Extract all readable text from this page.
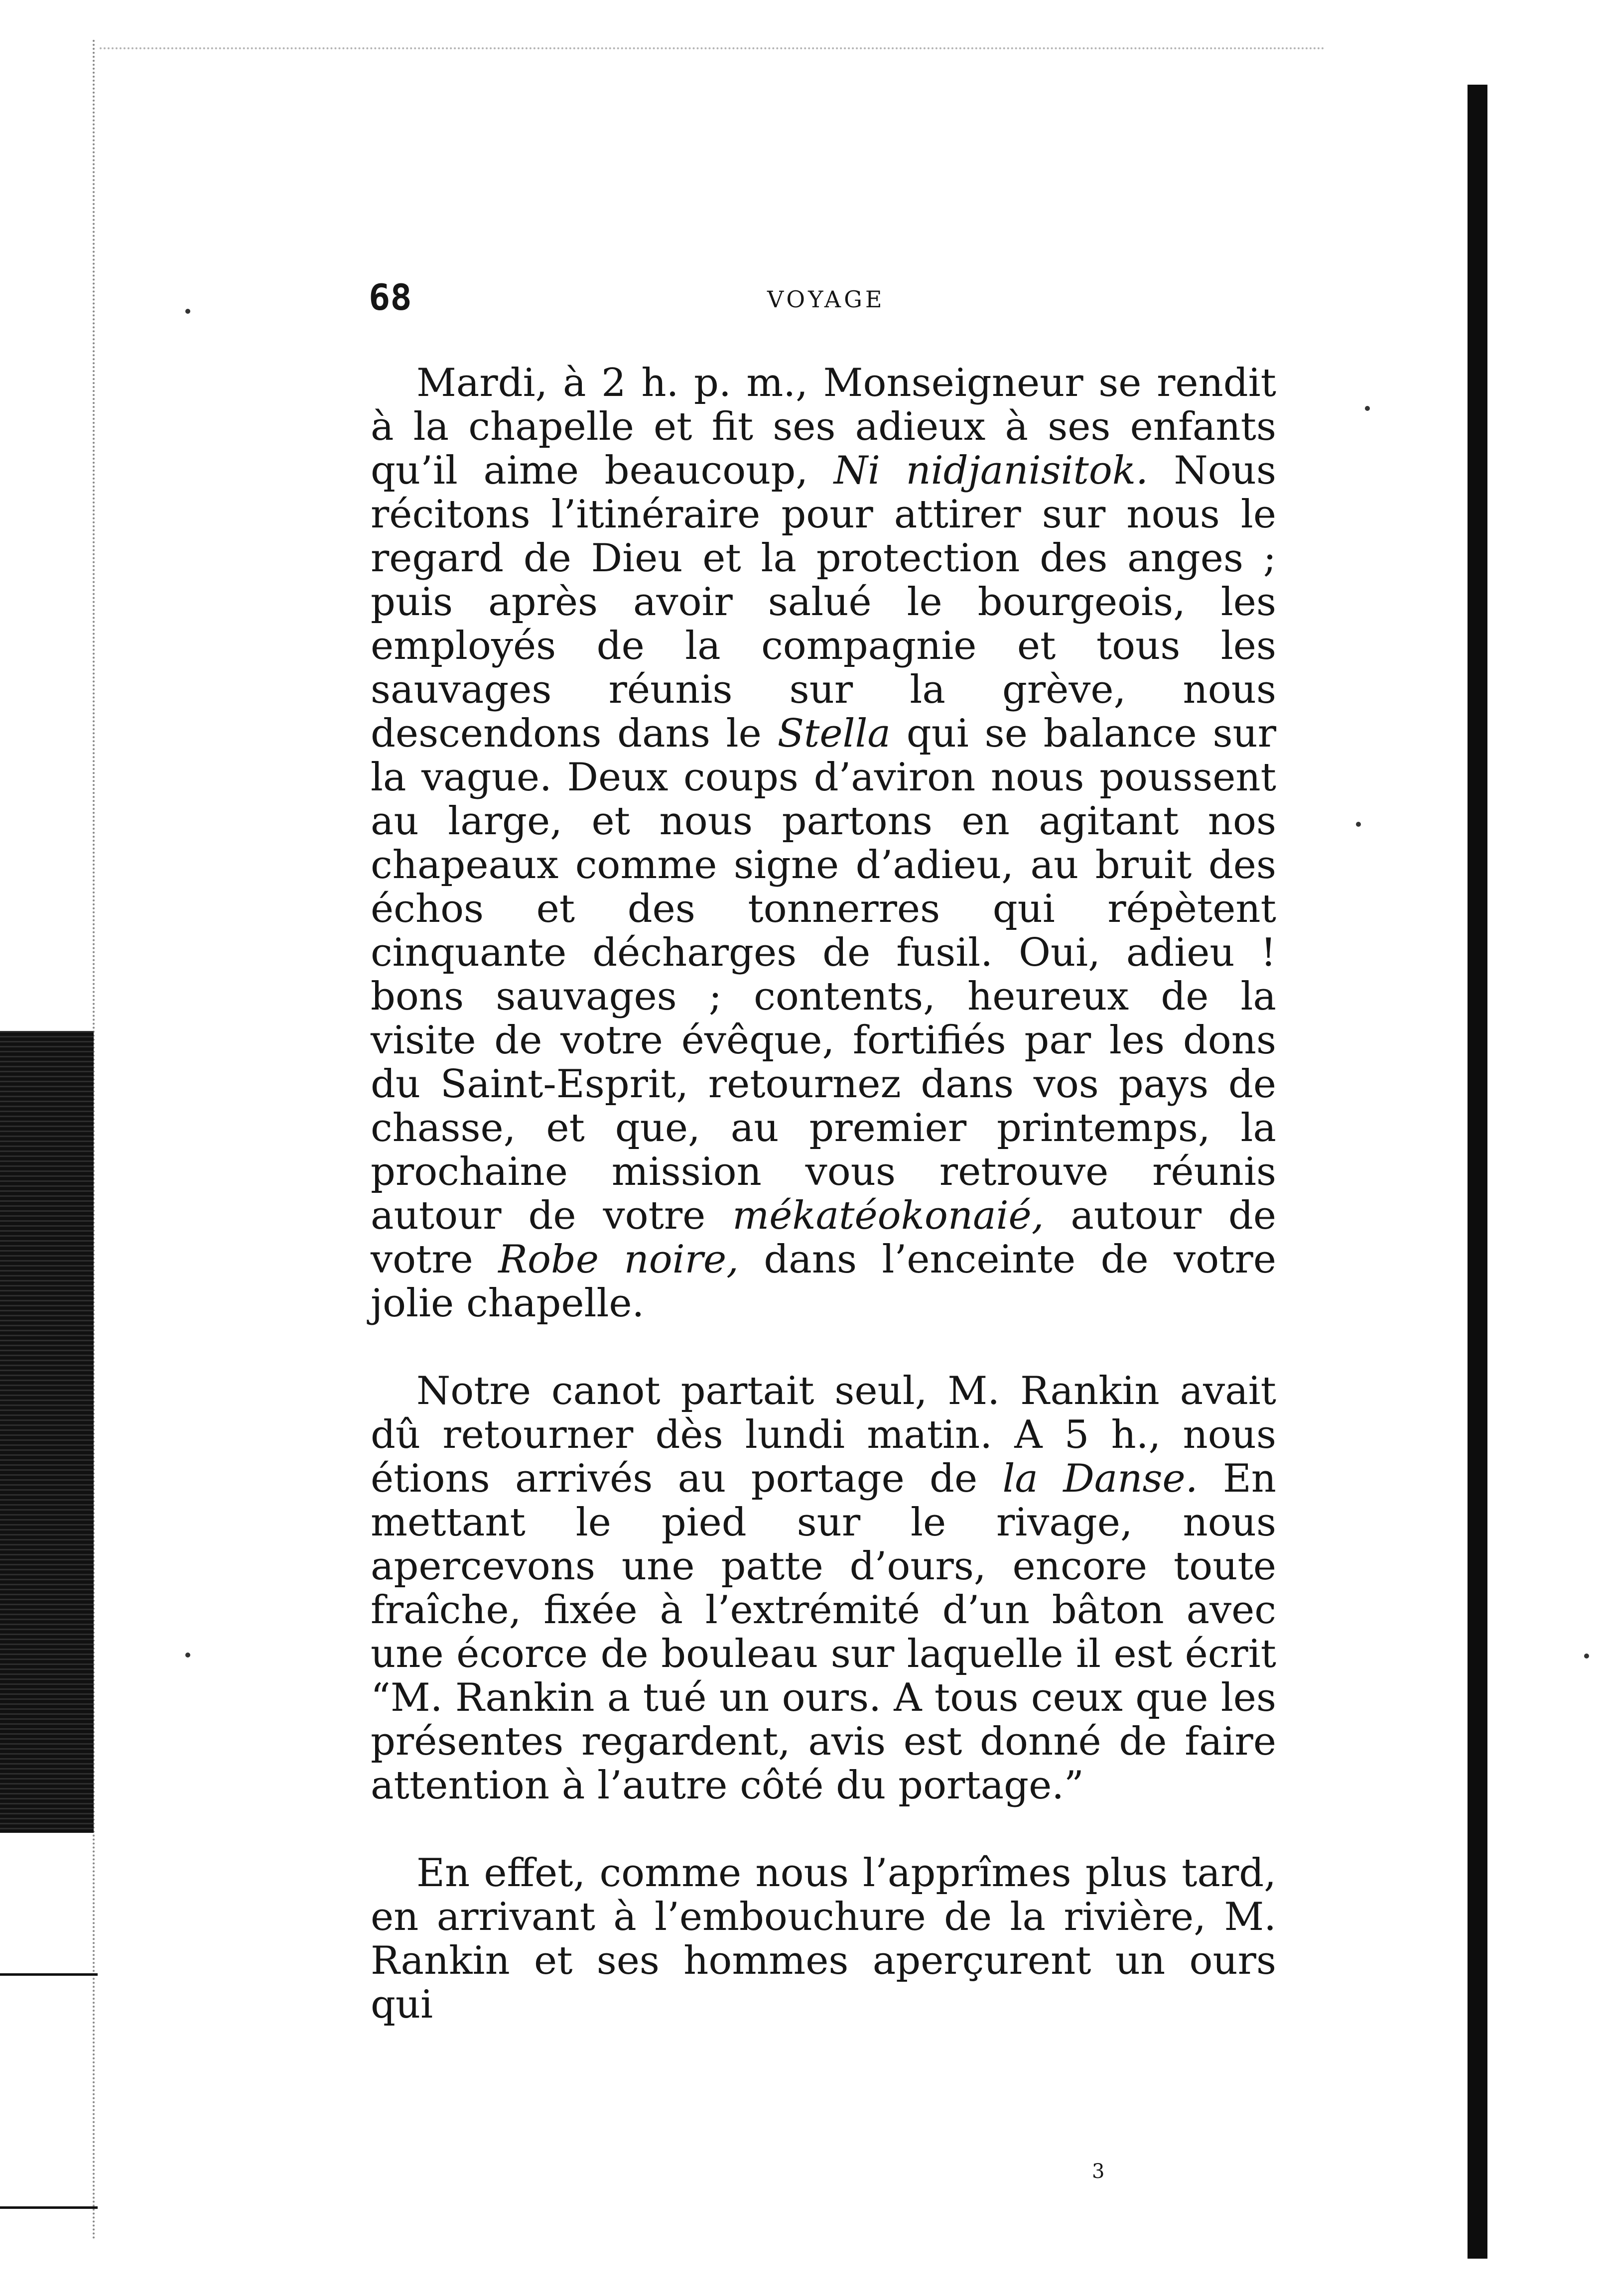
68	VOYAGE

Mardi, à 2 h. p. m., Monseigneur se rendit à la chapelle et fit ses adieux à ses enfants qu’il aime beaucoup, Ni nidjanisitok. Nous récitons l’itinéraire pour attirer sur nous le regard de Dieu et la protection des anges ; puis après avoir salué le bourgeois, les employés de la compagnie et tous les sauvages réunis sur la grève, nous descendons dans le Stella qui se balance sur la vague. Deux coups d’aviron nous poussent au large, et nous partons en agitant nos chapeaux comme signe d’adieu, au bruit des échos et des tonnerres qui répètent cinquante décharges de fusil. Oui, adieu ! bons sauvages ; contents, heureux de la visite de votre évêque, fortifiés par les dons du Saint-Esprit, retournez dans vos pays de chasse, et que, au premier printemps, la prochaine mission vous retrouve réunis autour de votre mékatéokonaié, autour de votre Robe noire, dans l’enceinte de votre jolie chapelle.

Notre canot partait seul, M. Rankin avait dû retourner dès lundi matin. A 5 h., nous étions arrivés au portage de la Danse. En mettant le pied sur le rivage, nous apercevons une patte d’ours, encore toute fraîche, fixée à l’extrémité d’un bâton avec une écorce de bouleau sur laquelle il est écrit “M. Rankin a tué un ours. A tous ceux que les présentes regardent, avis est donné de faire attention à l’autre côté du portage.”

En effet, comme nous l’apprîmes plus tard, en arrivant à l’embouchure de la rivière, M. Rankin et ses hommes aperçurent un ours qui

3
